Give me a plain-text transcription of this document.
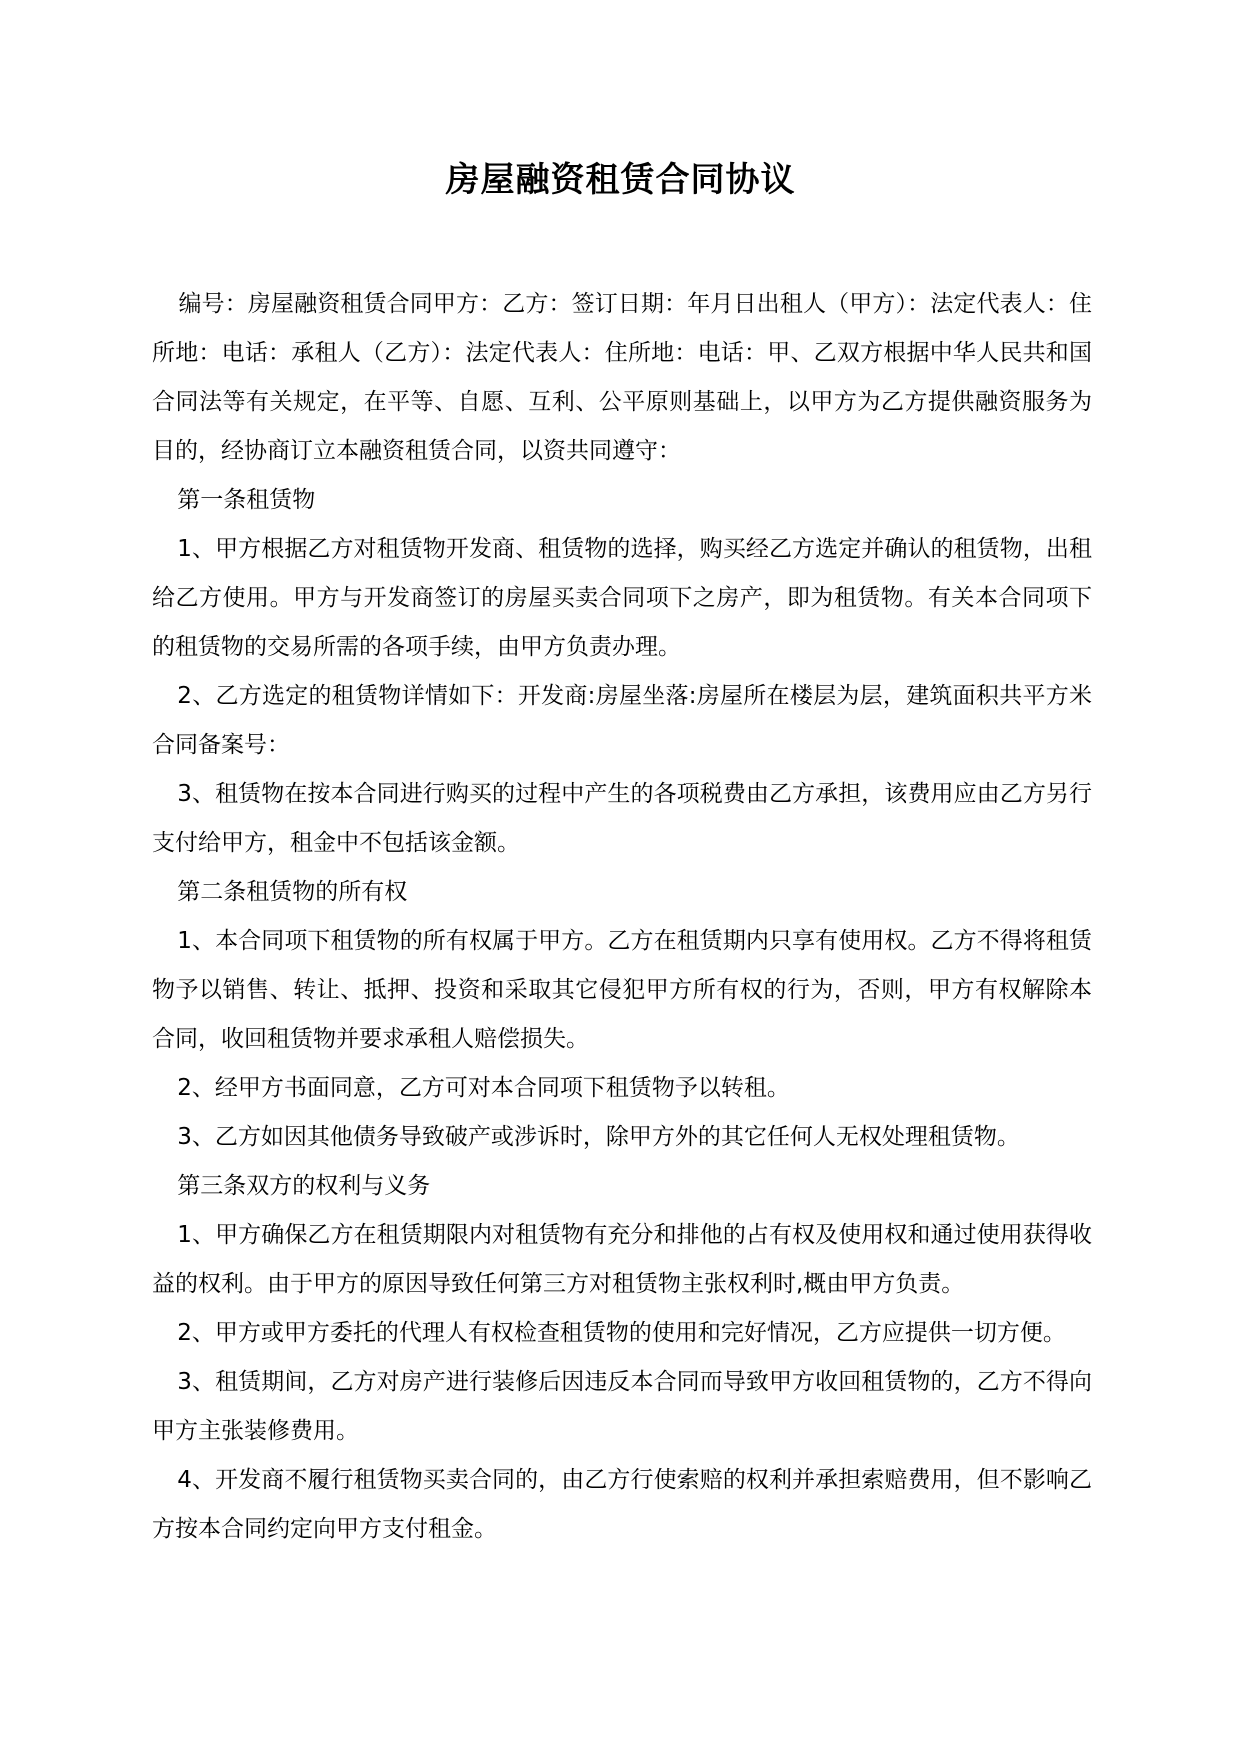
房屋融资租赁合同协议

编号：房屋融资租赁合同甲方：乙方：签订日期：年月日出租人（甲方）：法定代表人：住所地：电话：承租人（乙方）：法定代表人：住所地：电话：甲、乙双方根据中华人民共和国合同法等有关规定，在平等、自愿、互利、公平原则基础上，以甲方为乙方提供融资服务为目的，经协商订立本融资租赁合同，以资共同遵守：

第一条租赁物

1、甲方根据乙方对租赁物开发商、租赁物的选择，购买经乙方选定并确认的租赁物，出租给乙方使用。甲方与开发商签订的房屋买卖合同项下之房产，即为租赁物。有关本合同项下的租赁物的交易所需的各项手续，由甲方负责办理。

2、乙方选定的租赁物详情如下：开发商:房屋坐落:房屋所在楼层为层，建筑面积共平方米合同备案号：

3、租赁物在按本合同进行购买的过程中产生的各项税费由乙方承担，该费用应由乙方另行支付给甲方，租金中不包括该金额。

第二条租赁物的所有权

1、本合同项下租赁物的所有权属于甲方。乙方在租赁期内只享有使用权。乙方不得将租赁物予以销售、转让、抵押、投资和采取其它侵犯甲方所有权的行为，否则，甲方有权解除本合同，收回租赁物并要求承租人赔偿损失。

2、经甲方书面同意，乙方可对本合同项下租赁物予以转租。

3、乙方如因其他债务导致破产或涉诉时，除甲方外的其它任何人无权处理租赁物。

第三条双方的权利与义务

1、甲方确保乙方在租赁期限内对租赁物有充分和排他的占有权及使用权和通过使用获得收益的权利。由于甲方的原因导致任何第三方对租赁物主张权利时,概由甲方负责。

2、甲方或甲方委托的代理人有权检查租赁物的使用和完好情况，乙方应提供一切方便。

3、租赁期间，乙方对房产进行装修后因违反本合同而导致甲方收回租赁物的，乙方不得向甲方主张装修费用。

4、开发商不履行租赁物买卖合同的，由乙方行使索赔的权利并承担索赔费用，但不影响乙方按本合同约定向甲方支付租金。
